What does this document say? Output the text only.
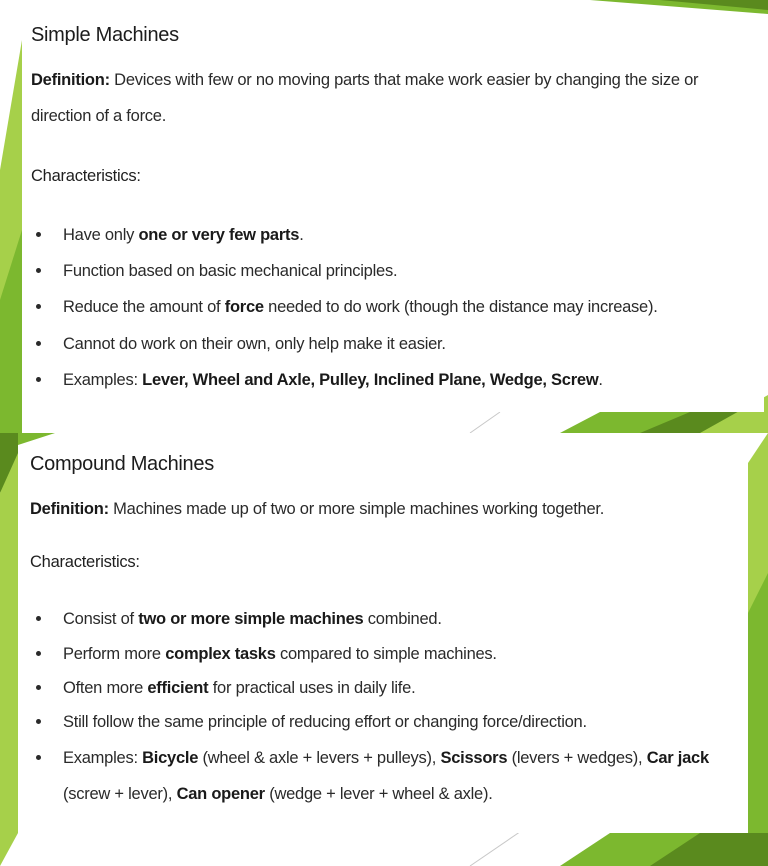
Simple Machines
Definition: Devices with few or no moving parts that make work easier by changing the size or direction of a force.
Characteristics:
Have only one or very few parts.
Function based on basic mechanical principles.
Reduce the amount of force needed to do work (though the distance may increase).
Cannot do work on their own, only help make it easier.
Examples: Lever, Wheel and Axle, Pulley, Inclined Plane, Wedge, Screw.
Compound Machines
Definition: Machines made up of two or more simple machines working together.
Characteristics:
Consist of two or more simple machines combined.
Perform more complex tasks compared to simple machines.
Often more efficient for practical uses in daily life.
Still follow the same principle of reducing effort or changing force/direction.
Examples: Bicycle (wheel & axle + levers + pulleys), Scissors (levers + wedges), Car jack (screw + lever), Can opener (wedge + lever + wheel & axle).
